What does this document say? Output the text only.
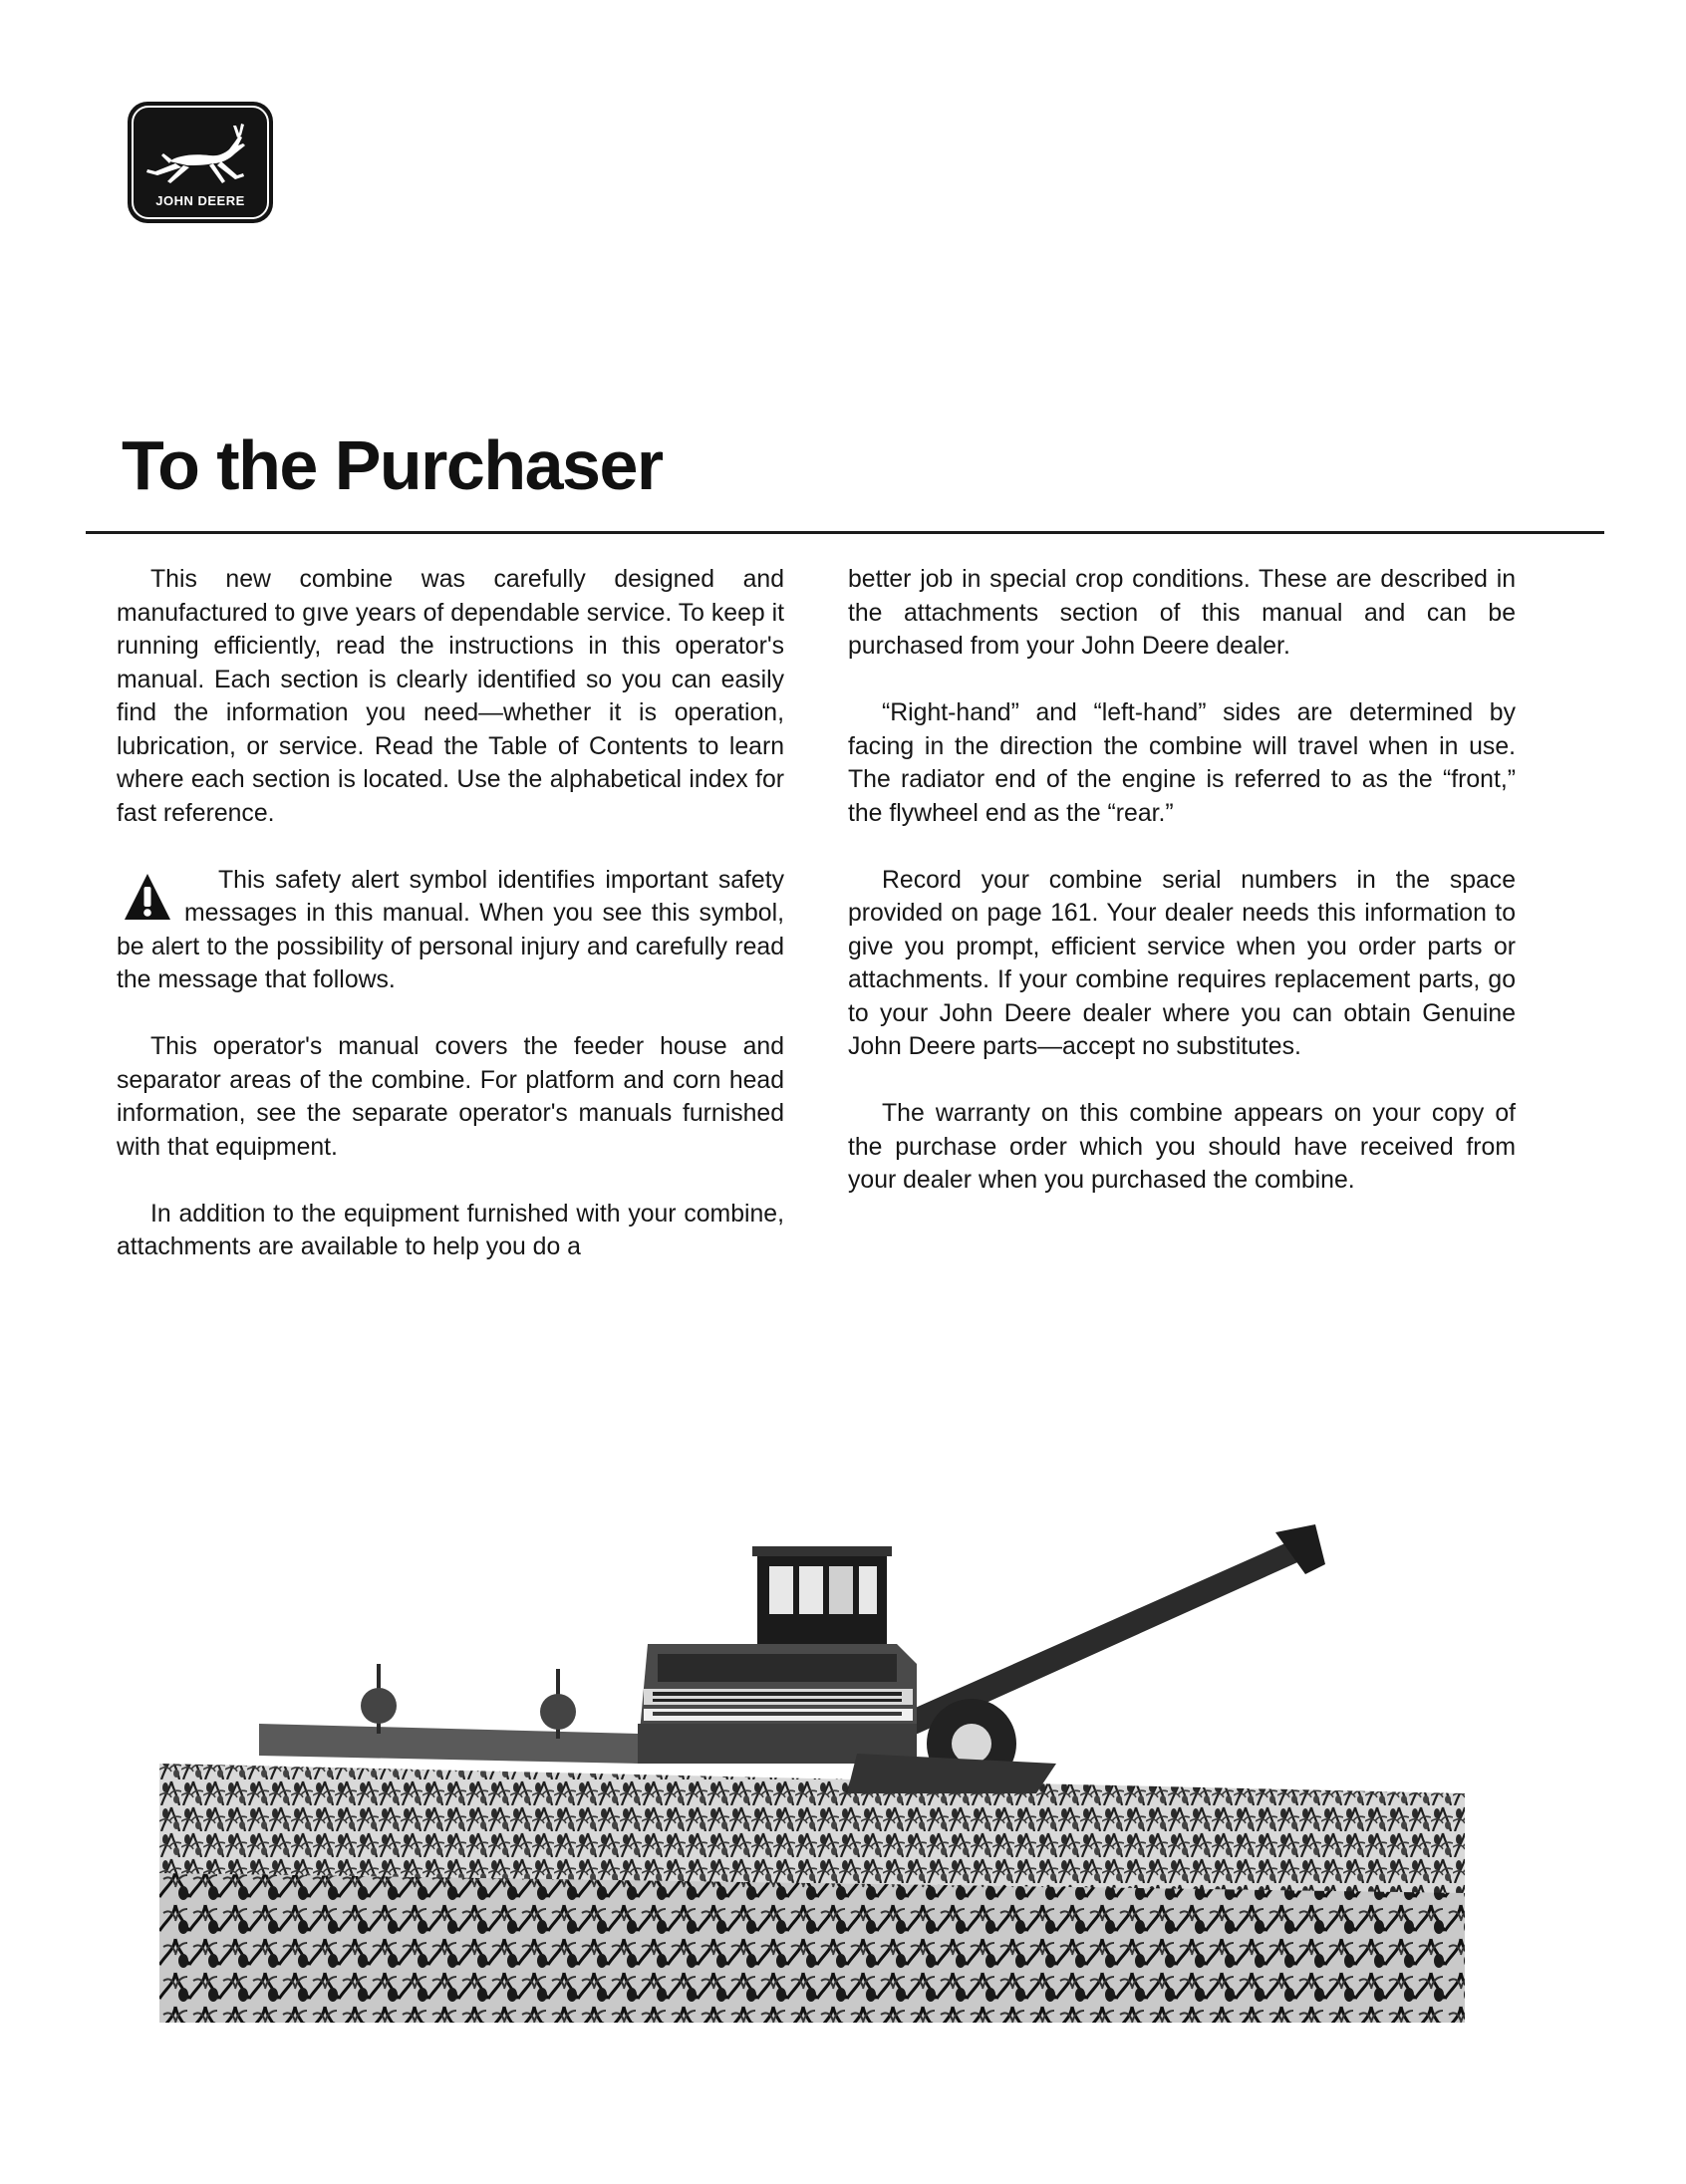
JOHN DEERE
To the Purchaser

This new combine was carefully designed and manufactured to gıve years of dependable service. To keep it running efficiently, read the instructions in this operator's manual. Each section is clearly identified so you can easily find the information you need—whether it is operation, lubrication, or service. Read the Table of Contents to learn where each section is located. Use the alphabetical index for fast reference.

This safety alert symbol identifies important safety messages in this manual. When you see this symbol, be alert to the possibility of personal injury and carefully read the message that follows.

This operator's manual covers the feeder house and separator areas of the combine. For platform and corn head information, see the separate operator's manuals furnished with that equipment.

In addition to the equipment furnished with your combine, attachments are available to help you do a

better job in special crop conditions. These are described in the attachments section of this manual and can be purchased from your John Deere dealer.

“Right-hand” and “left-hand” sides are determined by facing in the direction the combine will travel when in use. The radiator end of the engine is referred to as the “front,” the flywheel end as the “rear.”

Record your combine serial numbers in the space provided on page 161. Your dealer needs this information to give you prompt, efficient service when you order parts or attachments. If your combine requires replacement parts, go to your John Deere dealer where you can obtain Genuine John Deere parts—accept no substitutes.

The warranty on this combine appears on your copy of the purchase order which you should have received from your dealer when you purchased the combine.
